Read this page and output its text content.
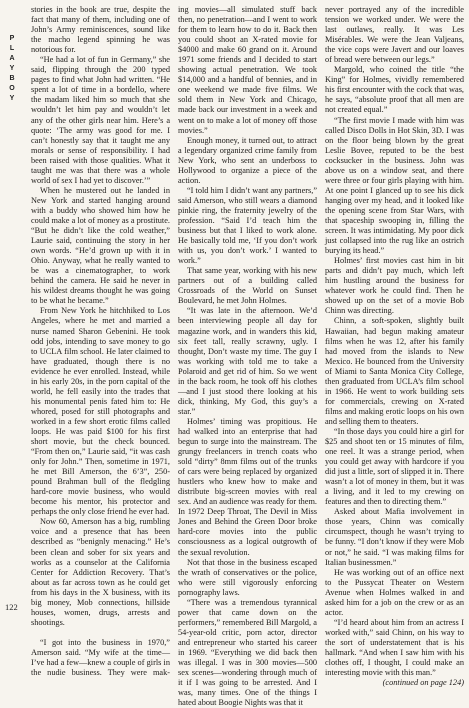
P
L
A
Y
B
O
Y
122

stories in the book are true, despite the fact that many of them, including one of John’s Army reminiscences, sound like the macho legend spinning he was notorious for.

“He had a lot of fun in Germany,” she said, flipping through the 200 typed pages to find what John had written. “He spent a lot of time in a bordello, where the madam liked him so much that she wouldn’t let him pay and wouldn’t let any of the other girls near him. Here’s a quote: ‘The army was good for me. I can’t honestly say that it taught me any morals or sense of responsibility. I had been raised with those qualities. What it taught me was that there was a whole world of sex I had yet to discover.’”

When he mustered out he landed in New York and started hanging around with a buddy who showed him how he could make a lot of money as a prostitute. “But he didn’t like the cold weather,” Laurie said, continuing the story in her own words. “He’d grown up with it in Ohio. Anyway, what he really wanted to be was a cinematographer, to work behind the camera. He said he never in his wildest dreams thought he was going to be what he became.”

From New York he hitchhiked to Los Angeles, where he met and married a nurse named Sharon Gebenini. He took odd jobs, intending to save money to go to UCLA film school. He later claimed to have graduated, though there is no evidence he ever enrolled. Instead, while in his early 20s, in the porn capital of the world, he fell easily into the trades that his monumental penis fated him to: He whored, posed for still photographs and worked in a few short erotic films called loops. He was paid $100 for his first short movie, but the check bounced. “From then on,” Laurie said, “it was cash only for John.” Then, sometime in 1971, he met Bill Amerson, the 6’3”, 250-pound Brahman bull of the fledgling hard-core movie business, who would become his mentor, his protector and perhaps the only close friend he ever had.

Now 60, Amerson has a big, rumbling voice and a presence that has been described as “benignly menacing.” He’s been clean and sober for six years and works as a counselor at the California Center for Addiction Recovery. That’s about as far across town as he could get from his days in the X business, with its big money, Mob connections, hillside houses, women, drugs, arrests and shootings.

“I got into the business in 1970,” Amerson said. “My wife at the time—I’ve had a few—knew a couple of girls in the nudie business. They were mak-

ing movies—all simulated stuff back then, no penetration—and I went to work for them to learn how to do it. Back then you could shoot an X-rated movie for $4000 and make 60 grand on it. Around 1971 some friends and I decided to start showing actual penetration. We took $14,000 and a handful of bennies, and in one weekend we made five films. We sold them in New York and Chicago, made back our investment in a week and went on to make a lot of money off those movies.”

Enough money, it turned out, to attract a legendary organized crime family from New York, who sent an underboss to Hollywood to organize a piece of the action.

“I told him I didn’t want any partners,” said Amerson, who still wears a diamond pinkie ring, the fraternity jewelry of the profession. “Said I’d teach him the business but that I liked to work alone. He basically told me, ‘If you don’t work with us, you don’t work.’ I wanted to work.”

That same year, working with his new partners out of a building called Crossroads of the World on Sunset Boulevard, he met John Holmes.

“It was late in the afternoon. We’d been interviewing people all day for magazine work, and in wanders this kid, six feet tall, really scrawny, ugly. I thought, Don’t waste my time. The guy I was working with told me to take a Polaroid and get rid of him. So we went in the back room, he took off his clothes—and I just stood there looking at his dick, thinking, My God, this guy’s a star.”

Holmes’ timing was propitious. He had walked into an enterprise that had begun to surge into the mainstream. The grungy freelancers in trench coats who sold “dirty” 8mm films out of the trunks of cars were being replaced by organized hustlers who knew how to make and distribute big-screen movies with real sex. And an audience was ready for them. In 1972 Deep Throat, The Devil in Miss Jones and Behind the Green Door broke hard-core movies into the public consciousness as a logical outgrowth of the sexual revolution.

Not that those in the business escaped the wrath of conservatives or the police, who were still vigorously enforcing pornography laws.

“There was a tremendous tyrannical power that came down on the performers,” remembered Bill Margold, a 54-year-old critic, porn actor, director and entrepreneur who started his career in 1969. “Everything we did back then was illegal. I was in 300 movies—500 sex scenes—wondering through much of it if I was going to be arrested. And I was, many times. One of the things I hated about Boogie Nights was that it

never portrayed any of the incredible tension we worked under. We were the last outlaws, really. It was Les Misérables. We were the Jean Valjeans, the vice cops were Javert and our loaves of bread were between our legs.”

Margold, who coined the title “the King” for Holmes, vividly remembered his first encounter with the cock that was, he says, “absolute proof that all men are not created equal.”

“The first movie I made with him was called Disco Dolls in Hot Skin, 3D. I was on the floor being blown by the great Leslie Bovee, reputed to be the best cocksucker in the business. John was above us on a window seat, and there were three or four girls playing with him. At one point I glanced up to see his dick hanging over my head, and it looked like the opening scene from Star Wars, with that spaceship swooping in, filling the screen. It was intimidating. My poor dick just collapsed into the rug like an ostrich burying its head.”

Holmes’ first movies cast him in bit parts and didn’t pay much, which left him hustling around the business for whatever work he could find. Then he showed up on the set of a movie Bob Chinn was directing.

Chinn, a soft-spoken, slightly built Hawaiian, had begun making amateur films when he was 12, after his family had moved from the islands to New Mexico. He bounced from the University of Miami to Santa Monica City College, then graduated from UCLA’s film school in 1966. He went to work building sets for commercials, crewing on X-rated films and making erotic loops on his own and selling them to theaters.

“In those days you could hire a girl for $25 and shoot ten or 15 minutes of film, one reel. It was a strange period, when you could get away with hardcore if you did just a little, sort of slipped it in. There wasn’t a lot of money in them, but it was a living, and it led to my crewing on features and then to directing them.”

Asked about Mafia involvement in those years, Chinn was comically circumspect, though he wasn’t trying to be funny. “I don’t know if they were Mob or not,” he said. “I was making films for Italian businessmen.”

He was working out of an office next to the Pussycat Theater on Western Avenue when Holmes walked in and asked him for a job on the crew or as an actor.

“I’d heard about him from an actress I worked with,” said Chinn, on his way to the sort of understatement that is his hallmark. “And when I saw him with his clothes off, I thought, I could make an interesting movie with this man.”

(continued on page 124)
